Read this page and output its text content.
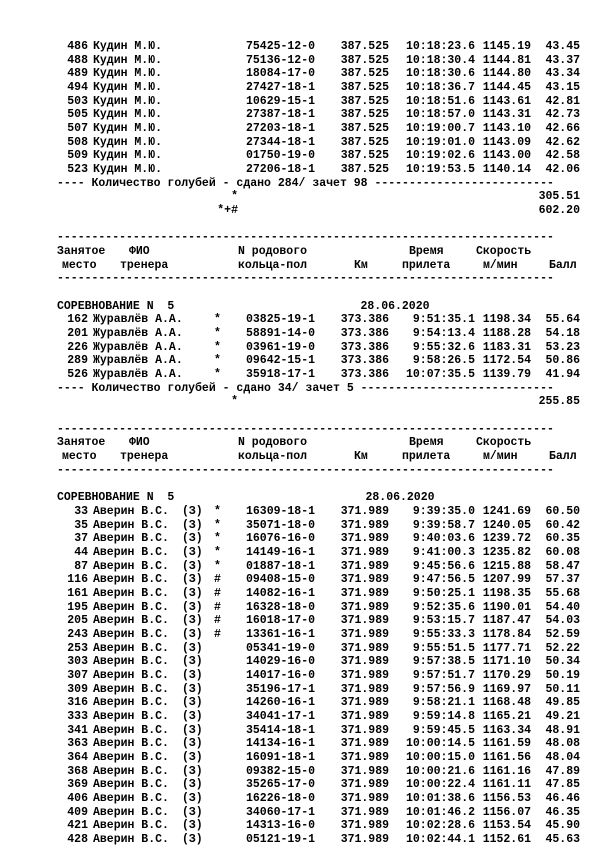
486 Кудин М.Ю.	75425-12-0 387.525 10:18:23.6 1145.19 43.45
488 Кудин М.Ю.	75136-12-0 387.525 10:18:30.4 1144.81 43.37
489 Кудин М.Ю.	18084-17-0 387.525 10:18:30.6 1144.80 43.34
494 Кудин М.Ю.	27427-18-1 387.525 10:18:36.7 1144.45 43.15
503 Кудин М.Ю.	10629-15-1 387.525 10:18:51.6 1143.61 42.81
505 Кудин М.Ю.	27387-18-1 387.525 10:18:57.0 1143.31 42.73
507 Кудин М.Ю.	27203-18-1 387.525 10:19:00.7 1143.10 42.66
508 Кудин М.Ю.	27344-18-1 387.525 10:19:01.0 1143.09 42.62
509 Кудин М.Ю.	01750-19-0 387.525 10:19:02.6 1143.00 42.58
523 Кудин М.Ю.	27206-18-1 387.525 10:19:53.5 1140.14 42.06
---- Количество голубей - сдано 284/ зачет 98 --------------------------
*	305.51
*+#	602.20
------------------------------------------------------------------------
Занятое ФИО	N родового	Время	Скорость
место тренера	кольца-пол	Км	прилета	м/мин	Балл
------------------------------------------------------------------------
СОРЕВНОВАНИЕ N  5	28.06.2020
162 Журавлёв А.А.	* 03825-19-1 373.386 9:51:35.1 1198.34 55.64
201 Журавлёв А.А.	* 58891-14-0 373.386 9:54:13.4 1188.28 54.18
226 Журавлёв А.А.	* 03961-19-0 373.386 9:55:32.6 1183.31 53.23
289 Журавлёв А.А.	* 09642-15-1 373.386 9:58:26.5 1172.54 50.86
526 Журавлёв А.А.	* 35918-17-1 373.386 10:07:35.5 1139.79 41.94
---- Количество голубей - сдано 34/ зачет 5 ----------------------------
*	255.85
------------------------------------------------------------------------
Занятое ФИО	N родового	Время	Скорость
место тренера	кольца-пол	Км	прилета	м/мин	Балл
------------------------------------------------------------------------
СОРЕВНОВАНИЕ N  5	28.06.2020
33 Аверин В.С. (З) * 16309-18-1 371.989 9:39:35.0 1241.69 60.50
35 Аверин В.С. (З) * 35071-18-0 371.989 9:39:58.7 1240.05 60.42
37 Аверин В.С. (З) * 16076-16-0 371.989 9:40:03.6 1239.72 60.35
44 Аверин В.С. (З) * 14149-16-1 371.989 9:41:00.3 1235.82 60.08
87 Аверин В.С. (З) * 01887-18-1 371.989 9:45:56.6 1215.88 58.47
116 Аверин В.С. (З) # 09408-15-0 371.989 9:47:56.5 1207.99 57.37
161 Аверин В.С. (З) # 14082-16-1 371.989 9:50:25.1 1198.35 55.68
195 Аверин В.С. (З) # 16328-18-0 371.989 9:52:35.6 1190.01 54.40
205 Аверин В.С. (З) # 16018-17-0 371.989 9:53:15.7 1187.47 54.03
243 Аверин В.С. (З) # 13361-16-1 371.989 9:55:33.3 1178.84 52.59
253 Аверин В.С. (З)	05341-19-0 371.989 9:55:51.5 1177.71 52.22
303 Аверин В.С. (З)	14029-16-0 371.989 9:57:38.5 1171.10 50.34
307 Аверин В.С. (З)	14017-16-0 371.989 9:57:51.7 1170.29 50.19
309 Аверин В.С. (З)	35196-17-1 371.989 9:57:56.9 1169.97 50.11
316 Аверин В.С. (З)	14260-16-1 371.989 9:58:21.1 1168.48 49.85
333 Аверин В.С. (З)	34041-17-1 371.989 9:59:14.8 1165.21 49.21
341 Аверин В.С. (З)	35414-18-1 371.989 9:59:45.5 1163.34 48.91
363 Аверин В.С. (З)	14134-16-1 371.989 10:00:14.5 1161.59 48.08
364 Аверин В.С. (З)	16091-18-1 371.989 10:00:15.0 1161.56 48.04
368 Аверин В.С. (З)	09382-15-0 371.989 10:00:21.6 1161.16 47.89
369 Аверин В.С. (З)	35265-17-0 371.989 10:00:22.4 1161.11 47.85
406 Аверин В.С. (З)	16226-18-0 371.989 10:01:38.6 1156.53 46.46
409 Аверин В.С. (З)	34060-17-1 371.989 10:01:46.2 1156.07 46.35
421 Аверин В.С. (З)	14313-16-0 371.989 10:02:28.6 1153.54 45.90
428 Аверин В.С. (З)	05121-19-1 371.989 10:02:44.1 1152.61 45.63
